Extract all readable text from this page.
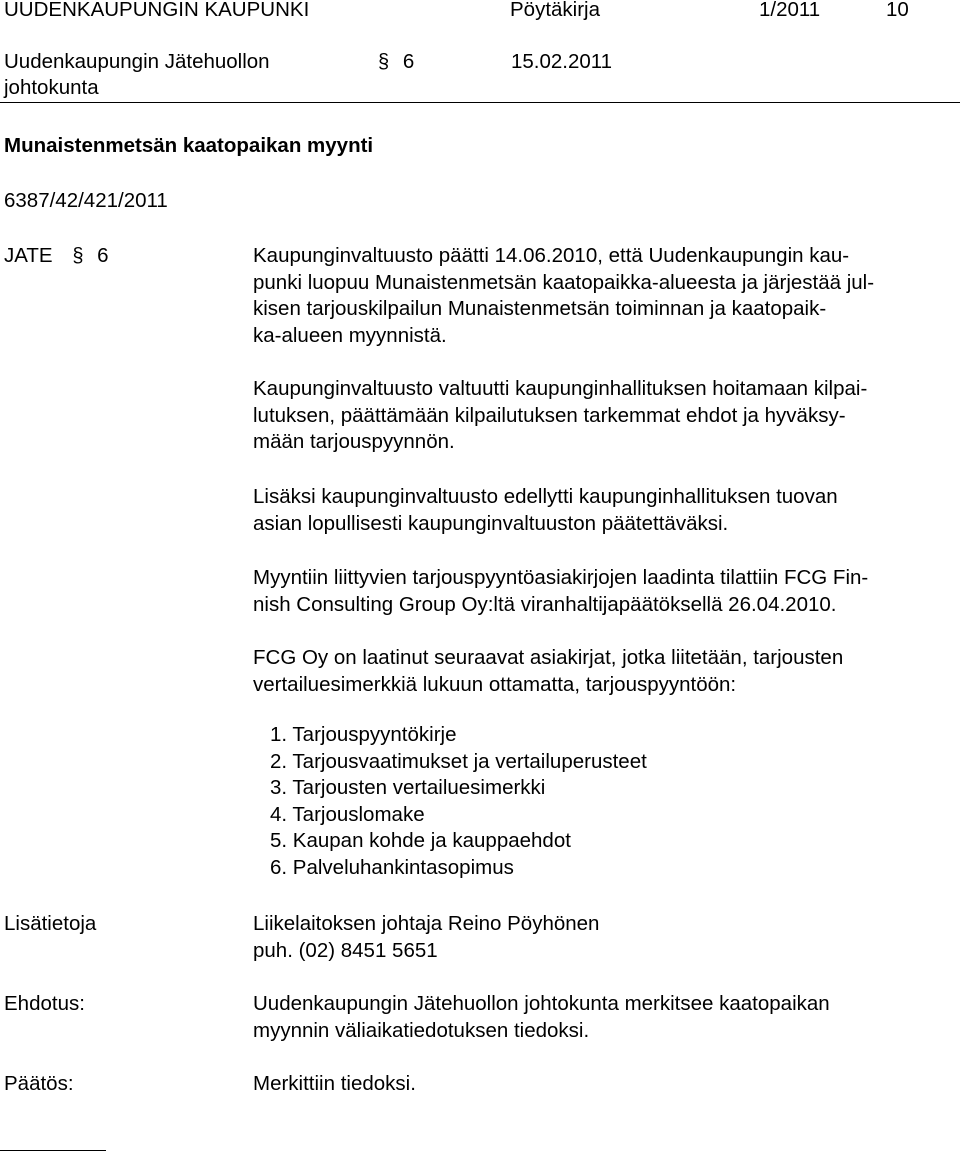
UUDENKAUPUNGIN KAUPUNKI	Pöytäkirja	1/2011	10
Uudenkaupungin Jätehuollon
johtokunta
§ 6	15.02.2011
Munaistenmetsän kaatopaikan myynti
6387/42/421/2011
JATE § 6	Kaupunginvaltuusto päätti 14.06.2010, että Uudenkaupungin kau-
punki luopuu Munaistenmetsän kaatopaikka-alueesta ja järjestää jul-
kisen tarjouskilpailun Munaistenmetsän toiminnan ja kaatopaik-
ka-alueen myynnistä.

Kaupunginvaltuusto valtuutti kaupunginhallituksen hoitamaan kilpai-
lutuksen, päättämään kilpailutuksen tarkemmat ehdot ja hyväksy-
mään tarjouspyynnön.

Lisäksi kaupunginvaltuusto edellytti kaupunginhallituksen tuovan
asian lopullisesti kaupunginvaltuuston päätettäväksi.

Myyntiin liittyvien tarjouspyyntöasiakirjojen laadinta tilattiin FCG Fin-
nish Consulting Group Oy:ltä viranhaltijapäätöksellä 26.04.2010.

FCG Oy on laatinut seuraavat asiakirjat, jotka liitetään, tarjousten
vertailuesimerkkiä lukuun ottamatta, tarjouspyyntöön:

1. Tarjouspyyntökirje
2. Tarjousvaatimukset ja vertailuperusteet
3. Tarjousten vertailuesimerkki
4. Tarjouslomake
5. Kaupan kohde ja kauppaehdot
6. Palveluhankintasopimus
Lisätietoja	Liikelaitoksen johtaja Reino Pöyhönen
puh. (02) 8451 5651
Ehdotus:	Uudenkaupungin Jätehuollon johtokunta merkitsee kaatopaikan
myynnin väliaikatiedotuksen tiedoksi.
Päätös:	Merkittiin tiedoksi.
